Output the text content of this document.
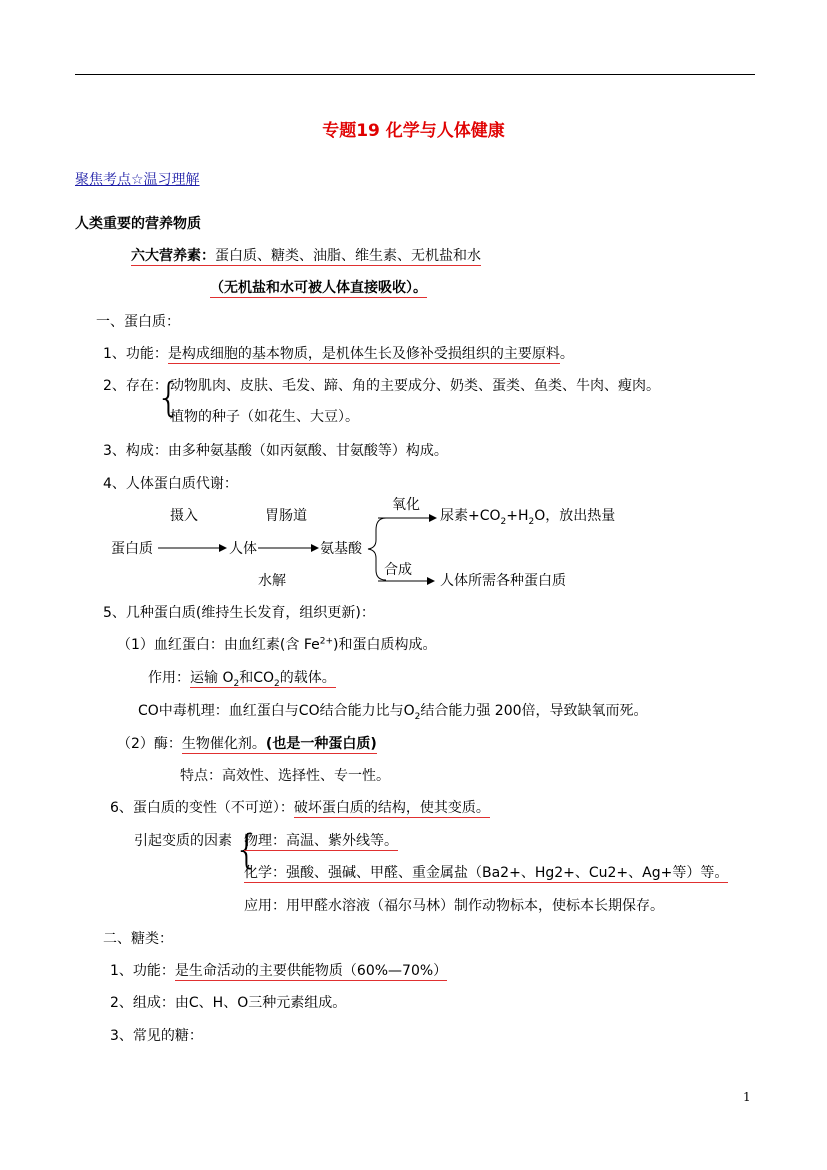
专题19 化学与人体健康
聚焦考点☆温习理解
人类重要的营养物质
六大营养素：蛋白质、糖类、油脂、维生素、无机盐和水
（无机盐和水可被人体直接吸收）。
一、蛋白质：
1、功能：是构成细胞的基本物质，是机体生长及修补受损组织的主要原料。
2、存在：
{
动物肌肉、皮肤、毛发、蹄、角的主要成分、奶类、蛋类、鱼类、牛肉、瘦肉。
植物的种子（如花生、大豆）。
3、构成：由多种氨基酸（如丙氨酸、甘氨酸等）构成。
4、人体蛋白质代谢：
摄入	胃肠道
氧化
尿素$+CO_2+H_2O$，放出热量
蛋白质	人体	氨基酸
合成
水解	人体所需各种蛋白质
5、几种蛋白质(维持生长发育，组织更新)：
（1）血红蛋白：由血红素(含 $Fe^{2+}$)和蛋白质构成。
作用：运输 $O_2$和$CO_2$的载体。
CO中毒机理：血红蛋白与CO结合能力比与$O_2$结合能力强 200倍，导致缺氧而死。
（2）酶：生物催化剂。(也是一种蛋白质)
特点：高效性、选择性、专一性。
6、蛋白质的变性（不可逆）：破坏蛋白质的结构，使其变质。
引起变质的因素 {
物理：高温、紫外线等。
化学：强酸、强碱、甲醛、重金属盐（Ba2+、Hg2+、Cu2+、Ag+等）等。
应用：用甲醛水溶液（福尔马林）制作动物标本，使标本长期保存。
二、糖类：
1、功能：是生命活动的主要供能物质（60%—70%）
2、组成：由C、H、O三种元素组成。
3、常见的糖：
1
